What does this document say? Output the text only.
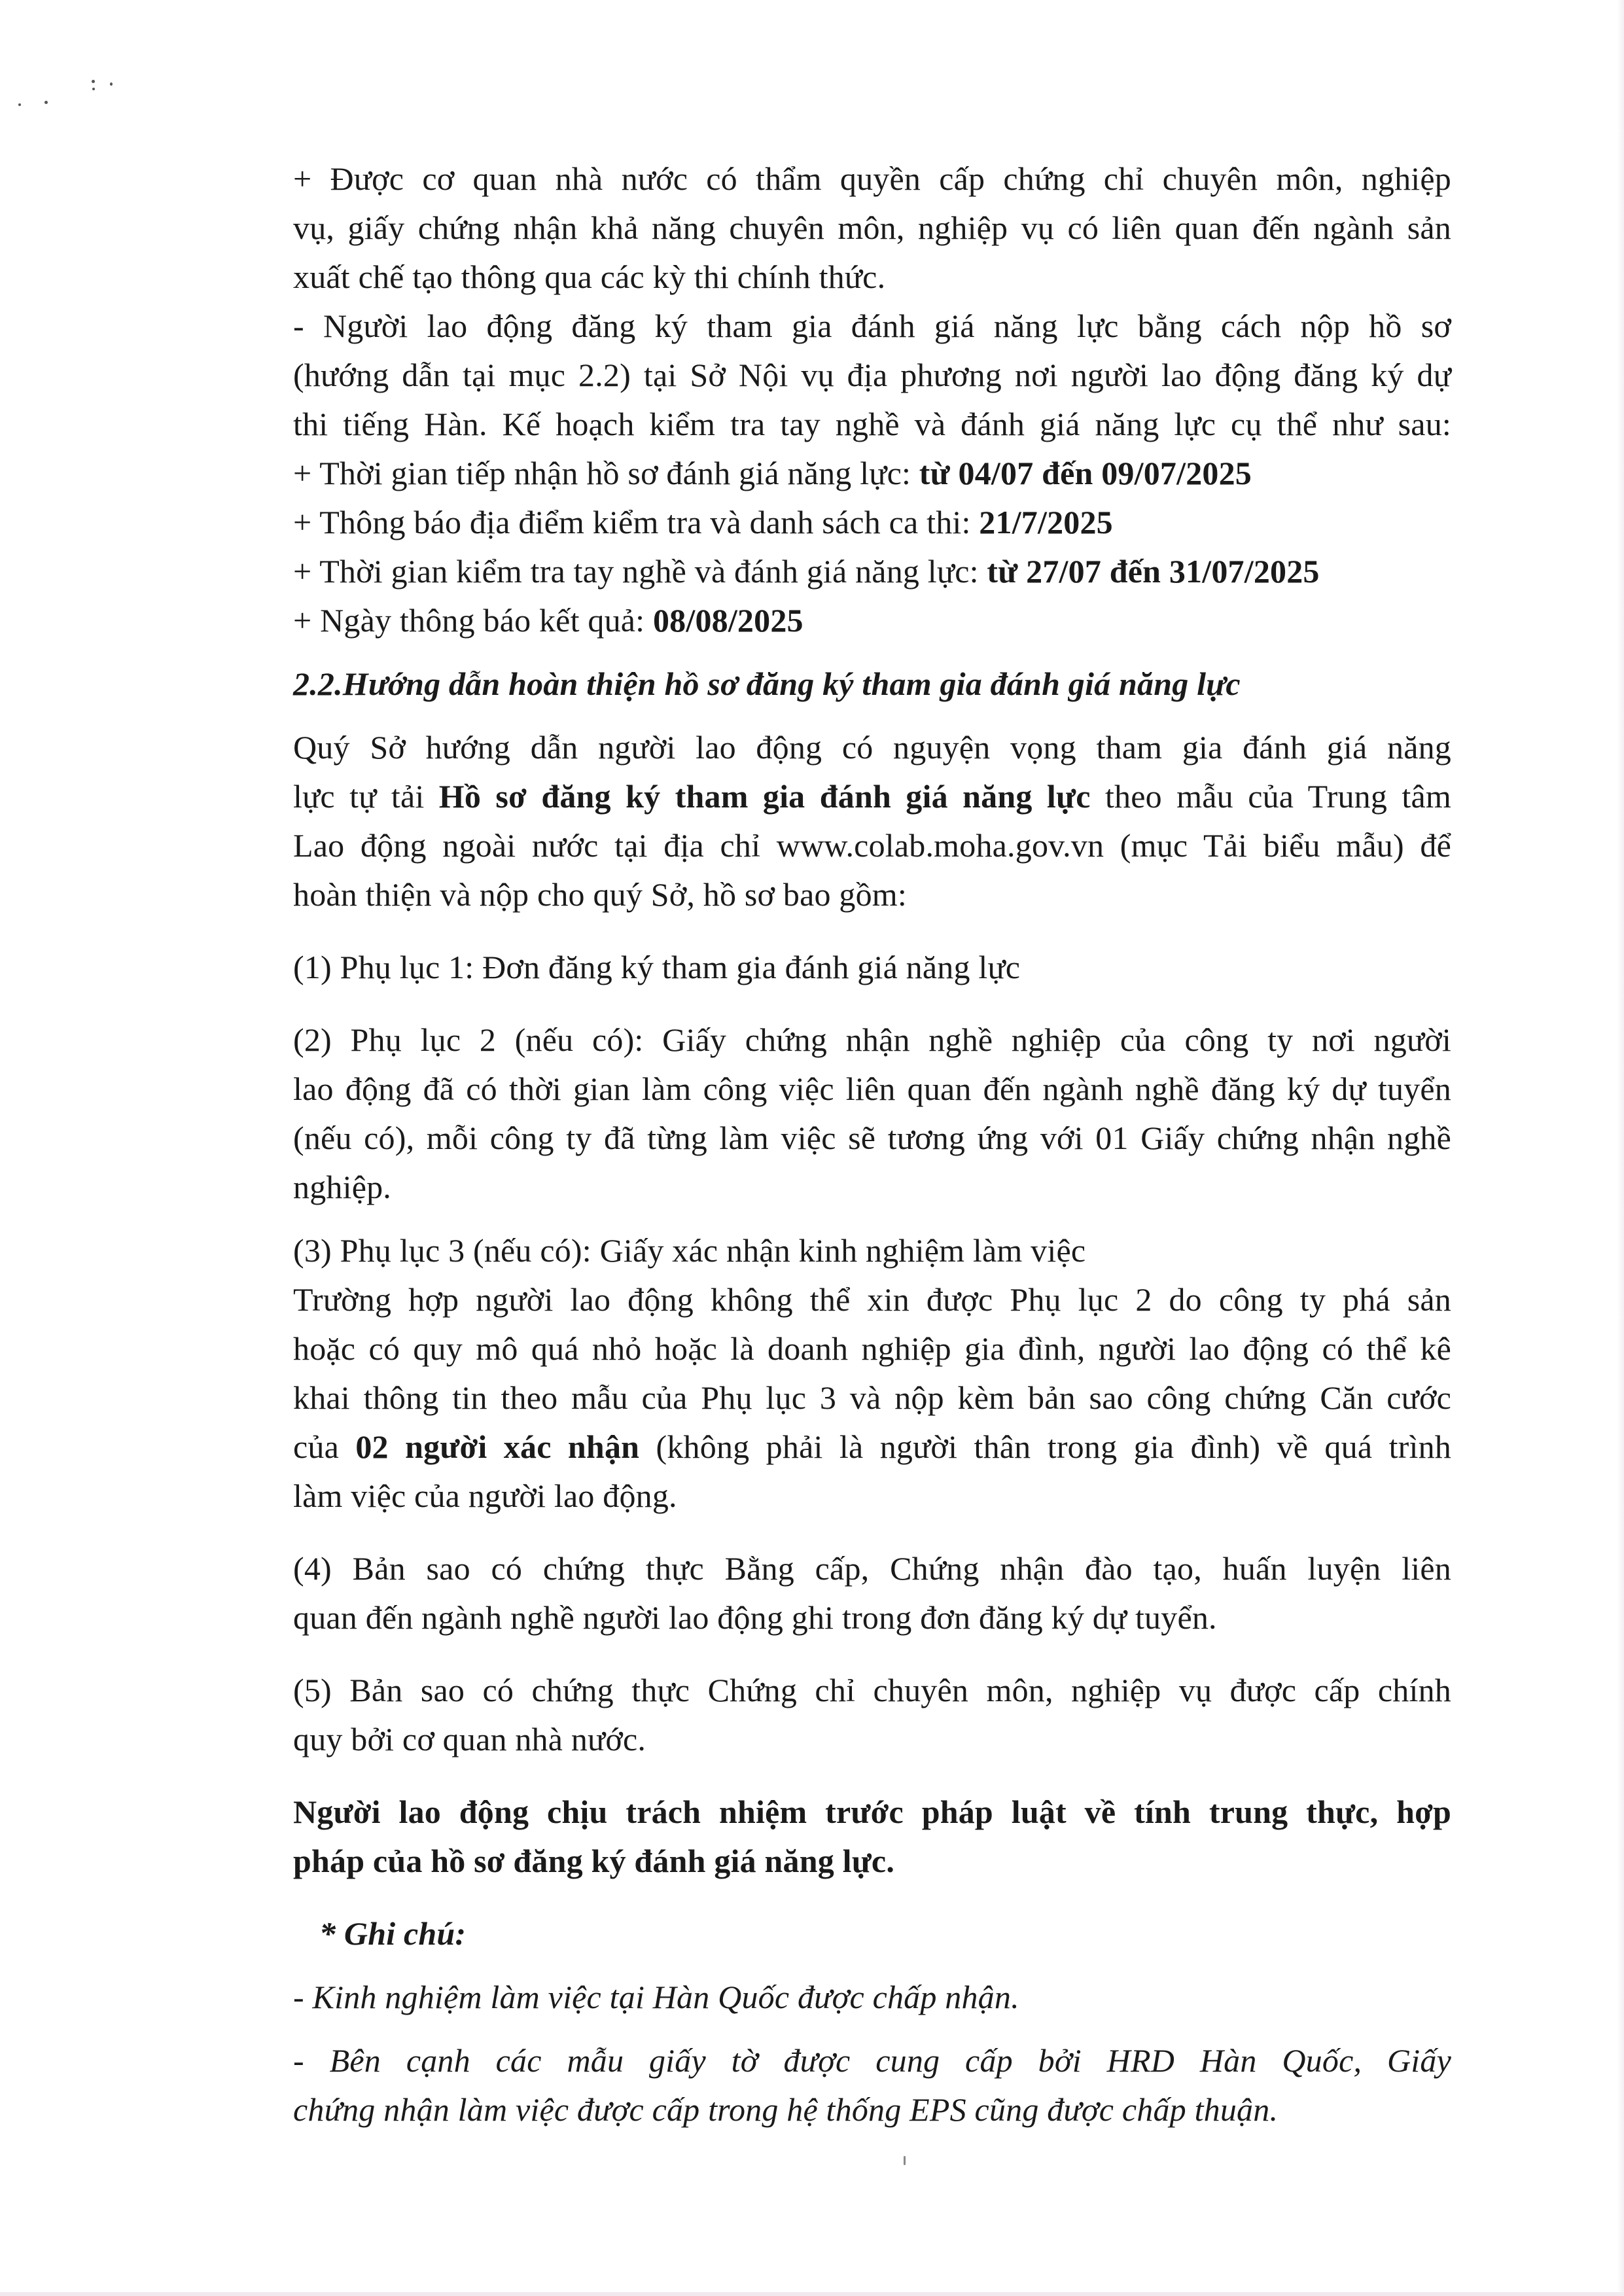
+ Được cơ quan nhà nước có thẩm quyền cấp chứng chỉ chuyên môn, nghiệp

vụ, giấy chứng nhận khả năng chuyên môn, nghiệp vụ có liên quan đến ngành sản

xuất chế tạo thông qua các kỳ thi chính thức.

- Người lao động đăng ký tham gia đánh giá năng lực bằng cách nộp hồ sơ

(hướng dẫn tại mục 2.2) tại Sở Nội vụ địa phương nơi người lao động đăng ký dự

thi tiếng Hàn. Kế hoạch kiểm tra tay nghề và đánh giá năng lực cụ thể như sau:

+ Thời gian tiếp nhận hồ sơ đánh giá năng lực: từ 04/07 đến 09/07/2025

+ Thông báo địa điểm kiểm tra và danh sách ca thi: 21/7/2025

+ Thời gian kiểm tra tay nghề và đánh giá năng lực: từ 27/07 đến 31/07/2025

+ Ngày thông báo kết quả: 08/08/2025

2.2.Hướng dẫn hoàn thiện hồ sơ đăng ký tham gia đánh giá năng lực

Quý Sở hướng dẫn người lao động có nguyện vọng tham gia đánh giá năng

lực tự tải Hồ sơ đăng ký tham gia đánh giá năng lực theo mẫu của Trung tâm

Lao động ngoài nước tại địa chỉ www.colab.moha.gov.vn (mục Tải biểu mẫu) để

hoàn thiện và nộp cho quý Sở, hồ sơ bao gồm:

(1) Phụ lục 1: Đơn đăng ký tham gia đánh giá năng lực

(2) Phụ lục 2 (nếu có): Giấy chứng nhận nghề nghiệp của công ty nơi người

lao động đã có thời gian làm công việc liên quan đến ngành nghề đăng ký dự tuyển

(nếu có), mỗi công ty đã từng làm việc sẽ tương ứng với 01 Giấy chứng nhận nghề

nghiệp.

(3) Phụ lục 3 (nếu có): Giấy xác nhận kinh nghiệm làm việc

Trường hợp người lao động không thể xin được Phụ lục 2 do công ty phá sản

hoặc có quy mô quá nhỏ hoặc là doanh nghiệp gia đình, người lao động có thể kê

khai thông tin theo mẫu của Phụ lục 3 và nộp kèm bản sao công chứng Căn cước

của 02 người xác nhận (không phải là người thân trong gia đình) về quá trình

làm việc của người lao động.

(4) Bản sao có chứng thực Bằng cấp, Chứng nhận đào tạo, huấn luyện liên

quan đến ngành nghề người lao động ghi trong đơn đăng ký dự tuyển.

(5) Bản sao có chứng thực Chứng chỉ chuyên môn, nghiệp vụ được cấp chính

quy bởi cơ quan nhà nước.

Người lao động chịu trách nhiệm trước pháp luật về tính trung thực, hợp

pháp của hồ sơ đăng ký đánh giá năng lực.

* Ghi chú:

- Kinh nghiệm làm việc tại Hàn Quốc được chấp nhận.

- Bên cạnh các mẫu giấy tờ được cung cấp bởi HRD Hàn Quốc, Giấy

chứng nhận làm việc được cấp trong hệ thống EPS cũng được chấp thuận.
